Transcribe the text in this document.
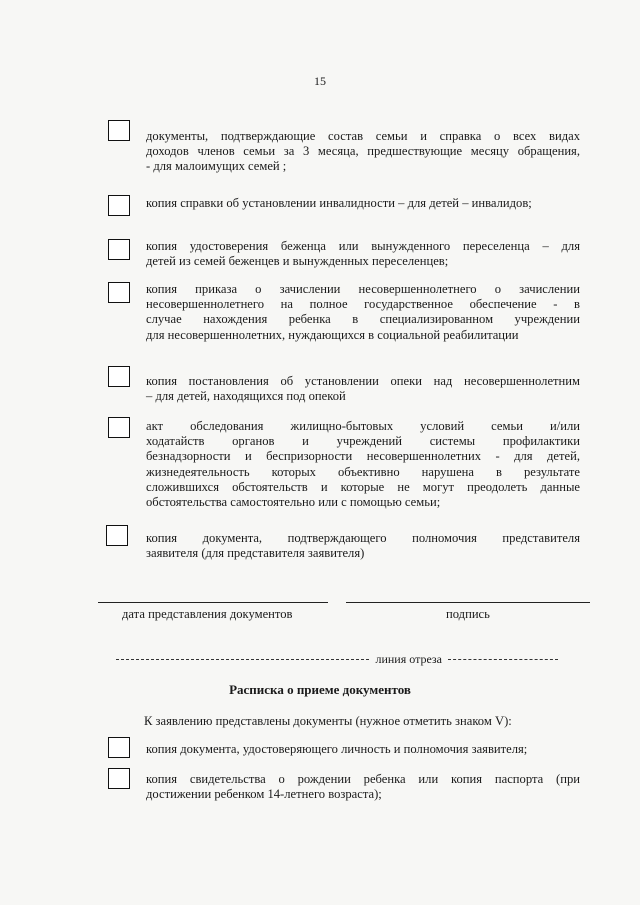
15
документы, подтверждающие состав семьи и справка о всех видах
доходов членов семьи за 3 месяца, предшествующие месяцу обращения,
- для малоимущих семей ;
копия справки об установлении инвалидности – для детей – инвалидов;
копия удостоверения беженца или вынужденного переселенца – для
детей из семей беженцев и вынужденных переселенцев;
копия приказа о зачислении несовершеннолетнего о зачислении
несовершеннолетнего на полное государственное обеспечение - в
случае нахождения ребенка в специализированном учреждении
для несовершеннолетних, нуждающихся в социальной реабилитации
копия постановления об установлении опеки над несовершеннолетним
– для детей, находящихся под опекой
акт обследования жилищно-бытовых условий семьи и/или
ходатайств органов и учреждений системы профилактики
безнадзорности и беспризорности несовершеннолетних - для детей,
жизнедеятельность которых объективно нарушена в результате
сложившихся обстоятельств и которые не могут преодолеть данные
обстоятельства самостоятельно или с помощью семьи;
копия документа, подтверждающего полномочия представителя
заявителя (для представителя заявителя)
дата представления документов	подпись
линия отреза
Расписка о приеме документов
К заявлению представлены документы (нужное отметить знаком V):
копия документа, удостоверяющего личность и полномочия заявителя;
копия свидетельства о рождении ребенка или копия паспорта (при
достижении ребенком 14-летнего возраста);
